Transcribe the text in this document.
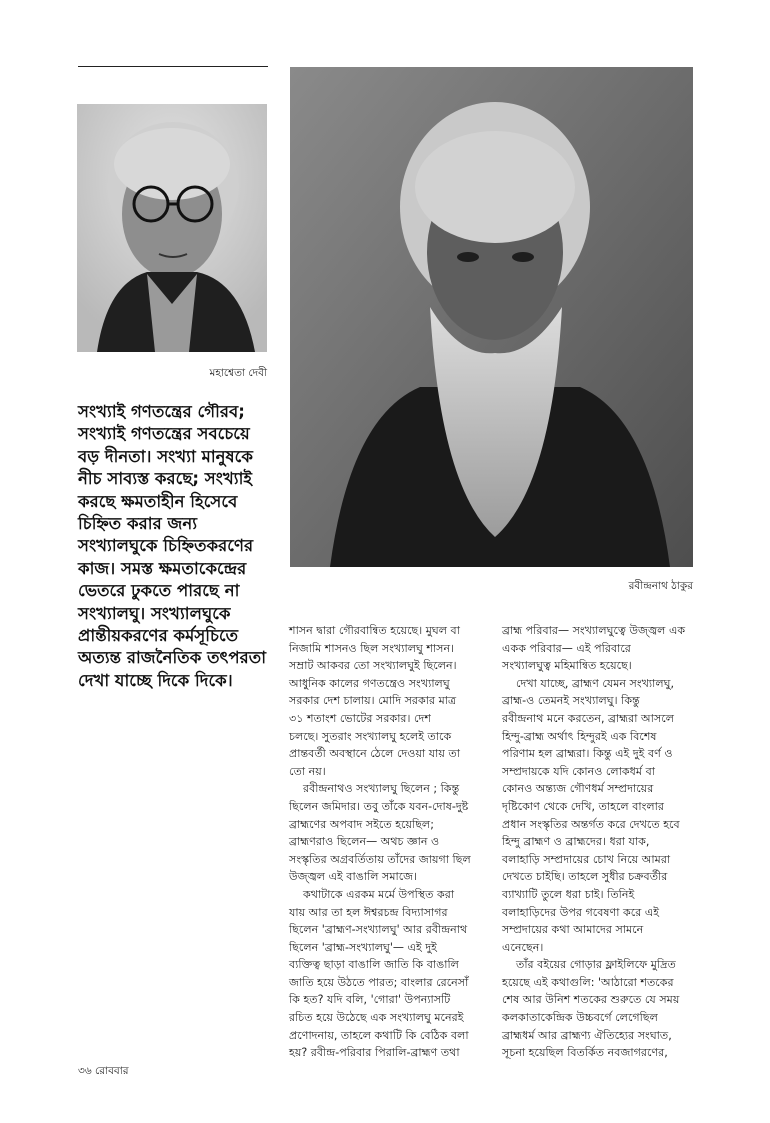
মহাশ্বেতা দেবী
রবীন্দ্রনাথ ঠাকুর
সংখ্যাই গণতন্ত্রের গৌরব;
সংখ্যাই গণতন্ত্রের সবচেয়ে
বড় দীনতা। সংখ্যা মানুষকে
নীচ সাব্যস্ত করছে; সংখ্যাই
করছে ক্ষমতাহীন হিসেবে
চিহ্নিত করার জন্য
সংখ্যালঘুকে চিহ্নিতকরণের
কাজ। সমস্ত ক্ষমতাকেন্দ্রের
ভেতরে ঢুকতে পারছে না
সংখ্যালঘু। সংখ্যালঘুকে
প্রান্তীয়করণের কর্মসূচিতে
অত্যন্ত রাজনৈতিক তৎপরতা
দেখা যাচ্ছে দিকে দিকে।
শাসন দ্বারা গৌরবান্বিত হয়েছে। মুঘল বা
নিজামি শাসনও ছিল সংখ্যালঘু শাসন।
সম্রাট আকবর তো সংখ্যালঘুই ছিলেন।
আধুনিক কালের গণতন্ত্রেও সংখ্যালঘু
সরকার দেশ চালায়। মোদি সরকার মাত্র
৩১ শতাংশ ভোটের সরকার। দেশ
চলছে। সুতরাং সংখ্যালঘু হলেই তাকে
প্রান্তবর্তী অবস্থানে ঠেলে দেওয়া যায় তা
তো নয়।
রবীন্দ্রনাথও সংখ্যালঘু ছিলেন ; কিন্তু
ছিলেন জমিদার। তবু তাঁকে যবন-দোষ-দুষ্ট
ব্রাহ্মণের অপবাদ সইতে হয়েছিল;
ব্রাহ্মণরাও ছিলেন— অথচ জ্ঞান ও
সংস্কৃতির অগ্রবর্তিতায় তাঁদের জায়গা ছিল
উজ্জ্বল এই বাঙালি সমাজে।
কথাটাকে এরকম মর্মে উপস্থিত করা
যায় আর তা হল ঈশ্বরচন্দ্র বিদ্যাসাগর
ছিলেন 'ব্রাহ্মণ-সংখ্যালঘু' আর রবীন্দ্রনাথ
ছিলেন 'ব্রাহ্ম-সংখ্যালঘু'— এই দুই
ব্যক্তিত্ব ছাড়া বাঙালি জাতি কি বাঙালি
জাতি হয়ে উঠতে পারত; বাংলার রেনেসাঁ
কি হত? যদি বলি, 'গোরা' উপন্যাসটি
রচিত হয়ে উঠেছে এক সংখ্যালঘু মনেরই
প্রণোদনায়, তাহলে কথাটি কি বেঠিক বলা
হয়? রবীন্দ্র-পরিবার পিরালি-ব্রাহ্মণ তথা
ব্রাহ্ম পরিবার— সংখ্যালঘুত্বে উজ্জ্বল এক
একক পরিবার— এই পরিবারে
সংখ্যালঘুত্ব মহিমান্বিত হয়েছে।
দেখা যাচ্ছে, ব্রাহ্মণ যেমন সংখ্যালঘু,
ব্রাহ্ম-ও তেমনই সংখ্যালঘু। কিন্তু
রবীন্দ্রনাথ মনে করতেন, ব্রাহ্মরা আসলে
হিন্দু-ব্রাহ্ম অর্থাৎ হিন্দুরই এক বিশেষ
পরিণাম হল ব্রাহ্মরা। কিন্তু এই দুই বর্ণ ও
সম্প্রদায়কে যদি কোনও লোকধর্ম বা
কোনও অন্ত্যজ গৌণধর্ম সম্প্রদায়ের
দৃষ্টিকোণ থেকে দেখি, তাহলে বাংলার
প্রধান সংস্কৃতির অন্তর্গত করে দেখতে হবে
হিন্দু ব্রাহ্মণ ও ব্রাহ্মদের। ধরা যাক,
বলাহাড়ি সম্প্রদায়ের চোখ নিয়ে আমরা
দেখতে চাইছি। তাহলে সুধীর চক্রবর্তীর
ব্যাখ্যাটি তুলে ধরা চাই। তিনিই
বলাহাড়িদের উপর গবেষণা করে এই
সম্প্রদায়ের কথা আমাদের সামনে
এনেছেন।
তাঁর বইয়ের গোড়ার ফ্লাইলিফে মুদ্রিত
হয়েছে এই কথাগুলি: 'আঠারো শতকের
শেষ আর উনিশ শতকের শুরুতে যে সময়
কলকাতাকেন্দ্রিক উচ্চবর্গে লেগেছিল
ব্রাহ্মধর্ম আর ব্রাহ্মণ্য ঐতিহ্যের সংঘাত,
সূচনা হয়েছিল বিতর্কিত নবজাগরণের,
৩৬ রোববার
